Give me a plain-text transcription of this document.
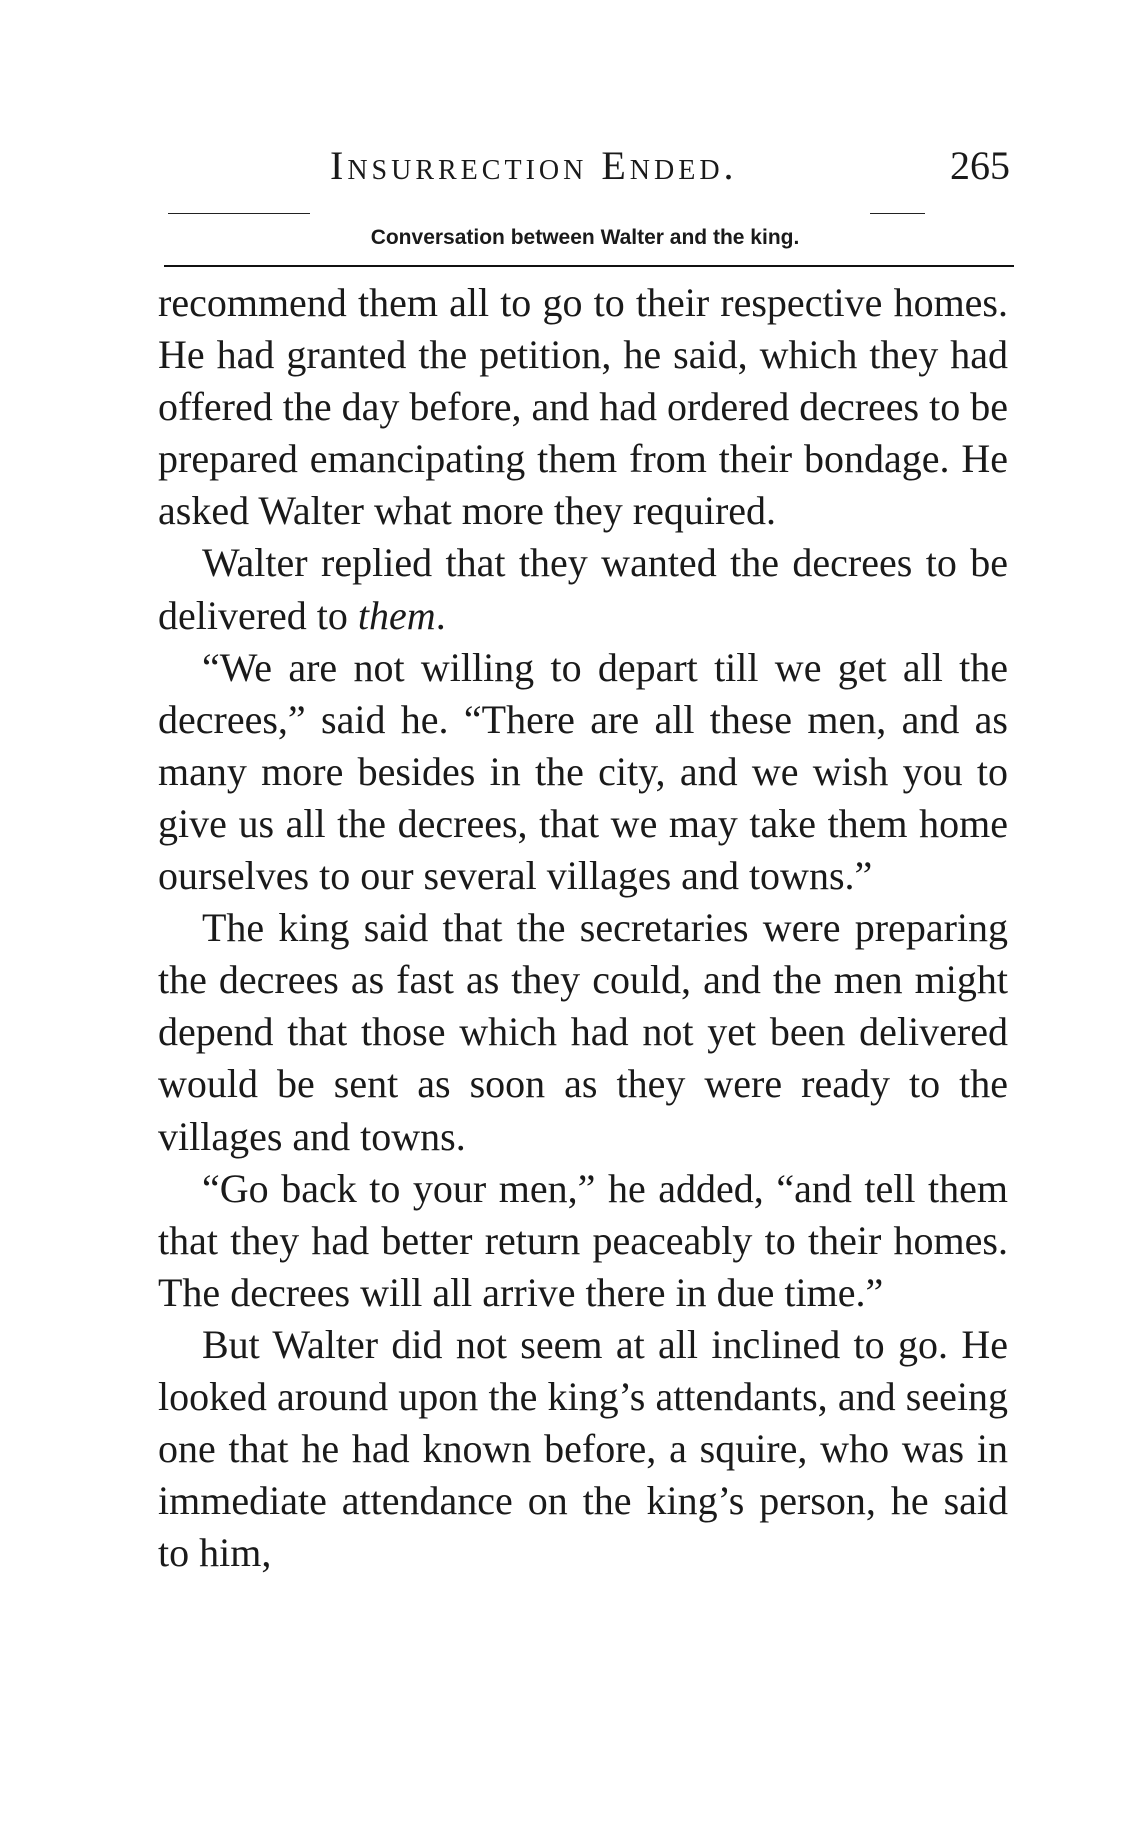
Insurrection Ended.	265
Conversation between Walter and the king.

recommend them all to go to their respective homes. He had granted the petition, he said, which they had offered the day before, and had ordered decrees to be prepared emancipating them from their bondage. He asked Walter what more they required.

Walter replied that they wanted the decrees to be delivered to them.

“We are not willing to depart till we get all the decrees,” said he. “There are all these men, and as many more besides in the city, and we wish you to give us all the decrees, that we may take them home ourselves to our several villages and towns.”

The king said that the secretaries were preparing the decrees as fast as they could, and the men might depend that those which had not yet been delivered would be sent as soon as they were ready to the villages and towns.

“Go back to your men,” he added, “and tell them that they had better return peaceably to their homes. The decrees will all arrive there in due time.”

But Walter did not seem at all inclined to go. He looked around upon the king’s attendants, and seeing one that he had known before, a squire, who was in immediate attendance on the king’s person, he said to him,
